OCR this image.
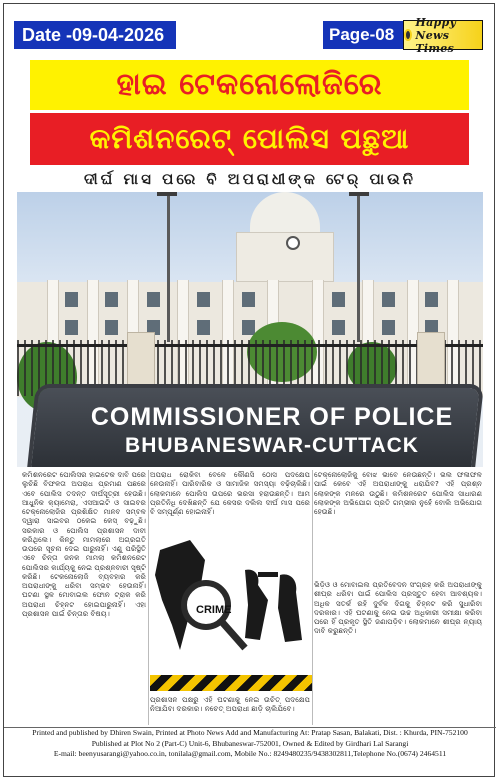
Date -09-04-2026	Page-08
Happy News Times
ହାଇ ଟେକନୋଲୋଜିରେ
କମିଶନରେଟ୍ ପୋଲିସ ପଛୁଆ
ଦୀର୍ଘ ମାସ ପରେ ବି ଅପରାଧୀଙ୍କ ଟେର୍ ପାଉନି
COMMISSIONER OF POLICE
BHUBANESWAR-CUTTACK
କମିଶନରେଟ ପୋଲିସର ହାଇଟେକ ଦାବି ପରେ ଲୁଚିଛି ବିଫଳତା ଅପରାଧ ପ୍ରମାଣ ପଛରେ ଏବେ ପୋଲିସ ତଦନ୍ତ ଦୀର୍ଘସୂତ୍ରୀ ହେଉଛି। ଆଧୁନିକ କ୍ୟାମେରା, ଏସଆଇଟି ଓ ସାଇବର ଟେକ୍ନୋଲୋଜିର ପ୍ରଶିକ୍ଷିତ ମାନବ ସମ୍ବଳ ଦ୍ୱାରା ସାଇବର ଠକେଇ କେସ୍ ବଢ଼ୁଛି। ସରକାର ଓ ପୋଲିସ ପ୍ରଶାସନ ଦାବୀ କରିଥିଲେ। କିନ୍ତୁ ମାମଲାରେ ଅଗ୍ରଗତି ଉପରେ ସୂଚନା ଦେଇ ପାରୁନାହିଁ। ଏଣୁ ପରିସ୍ଥିତି ଏବେ ଚିନ୍ତା ଜନକ ମାମଲା କମିଶନରେଟ ପୋଲିସର କାର୍ଯ୍ୟକୁ ନେଇ ପ୍ରଶ୍ନବାଚୀ ସୃଷ୍ଟି କରିଛି। ଟେକନୋଲୋଜି ବ୍ୟବହାର କରି ଅପରାଧୀଙ୍କୁ ଧରିବା ସମ୍ଭବ ହେଉନାହିଁ। ଘଟଣା ସ୍ଥଳ ମୋବାଇଲ ଫୋନ ଟ୍ରାକ କରି ଅପରାଧୀ ଚିହ୍ନଟ ହୋଇପାରୁନାହିଁ। ଏହା ପ୍ରଶାସନ ପାଇଁ ଚିନ୍ତାର ବିଷୟ।
ଅପରାଧ ରୋକିବା ବେଳେ କୌଣସି ଠୋସ ପଦକ୍ଷେପ ନେଉନାହିଁ। ପାରିବାରିକ ଓ ସାମାଜିକ ସମସ୍ୟା ବଢ଼ିଚାଲିଛି। ଲୋକମାନେ ପୋଲିସ ଉପରେ ଭରସା ହରାଉଛନ୍ତି। ଆମ ପ୍ରତିନିଧି ଦେଖିଛନ୍ତି ଯେ କେସର ଦଲିଲ ଦୀର୍ଘ ମାସ ପରେ ବି ସମ୍ପୂର୍ଣ୍ଣ ହୋଇନାହିଁ।
ଟେକ୍ନୋଲୋଜିକୁ ବୋଝ ଭାବେ ନେଉଛନ୍ତି। ଭଲ ଫଳାଫଳ ପାଇଁ କେବେ ଏହି ଅପରାଧୀଙ୍କୁ ଧରାଯିବ? ଏହି ପ୍ରଶ୍ନ ଲୋକଙ୍କ ମନରେ ଉଠୁଛି। କମିଶନରେଟ ପୋଲିସ ସାଧାରଣ ଲୋକଙ୍କ ଅଭିଯୋଗ ପ୍ରତି ଗମ୍ଭୀର ନୁହେଁ ବୋଲି ଅଭିଯୋଗ ହେଉଛି।
CRIME
ଭିଡ଼ିଓ ଓ ମୋବାଇଲ ପ୍ରତିବେଦନ ସଂଗ୍ରହ କରି ଅପରାଧୀଙ୍କୁ ଶୀଘ୍ର ଧରିବା ପାଇଁ ପୋଲିସ ପ୍ରସ୍ତୁତ ହେବା ଆବଶ୍ୟକ। ଅଧିକ ସତର୍କ ରହି ଦୁର୍ବଳ ଦିଗକୁ ଚିହ୍ନଟ କରି ସୁଧାରିବା ଦରକାର। ଏହି ଘଟଣାକୁ ନେଇ ଉଚ୍ଚ ଅଧିକାରୀ ସମୀକ୍ଷା କରିବା ପରେ ହିଁ ପ୍ରକୃତ ସ୍ଥିତି ଜଣାପଡ଼ିବ। ଲୋକମାନେ ଶୀଘ୍ର ନ୍ୟାୟ ଦାବି କରୁଛନ୍ତି।
ପ୍ରଶାସନ ପକ୍ଷରୁ ଏହି ଘଟଣାକୁ ନେଇ ଉଚିତ୍ ପଦକ୍ଷେପ ନିଆଯିବା ଦରକାର। ନଚେତ୍ ଅପରାଧୀ ଛାଡ଼ି ଚାଲିଯିବେ।
Printed and published by Dhiren Swain, Printed at Photo News Add and Manufacturing At: Pratap Sasan, Balakati, Dist. : Khurda, PIN-752100
Published at Plot No 2 (Part-C) Unit-6, Bhubaneswar-752001, Owned & Edited by Girdhari Lal Sarangi
E-mail: beenyusarangi@yahoo.co.in, tonilala@gmail.com, Mobile No.: 8249480235/9438302811,Telephone No.(0674) 2464511
